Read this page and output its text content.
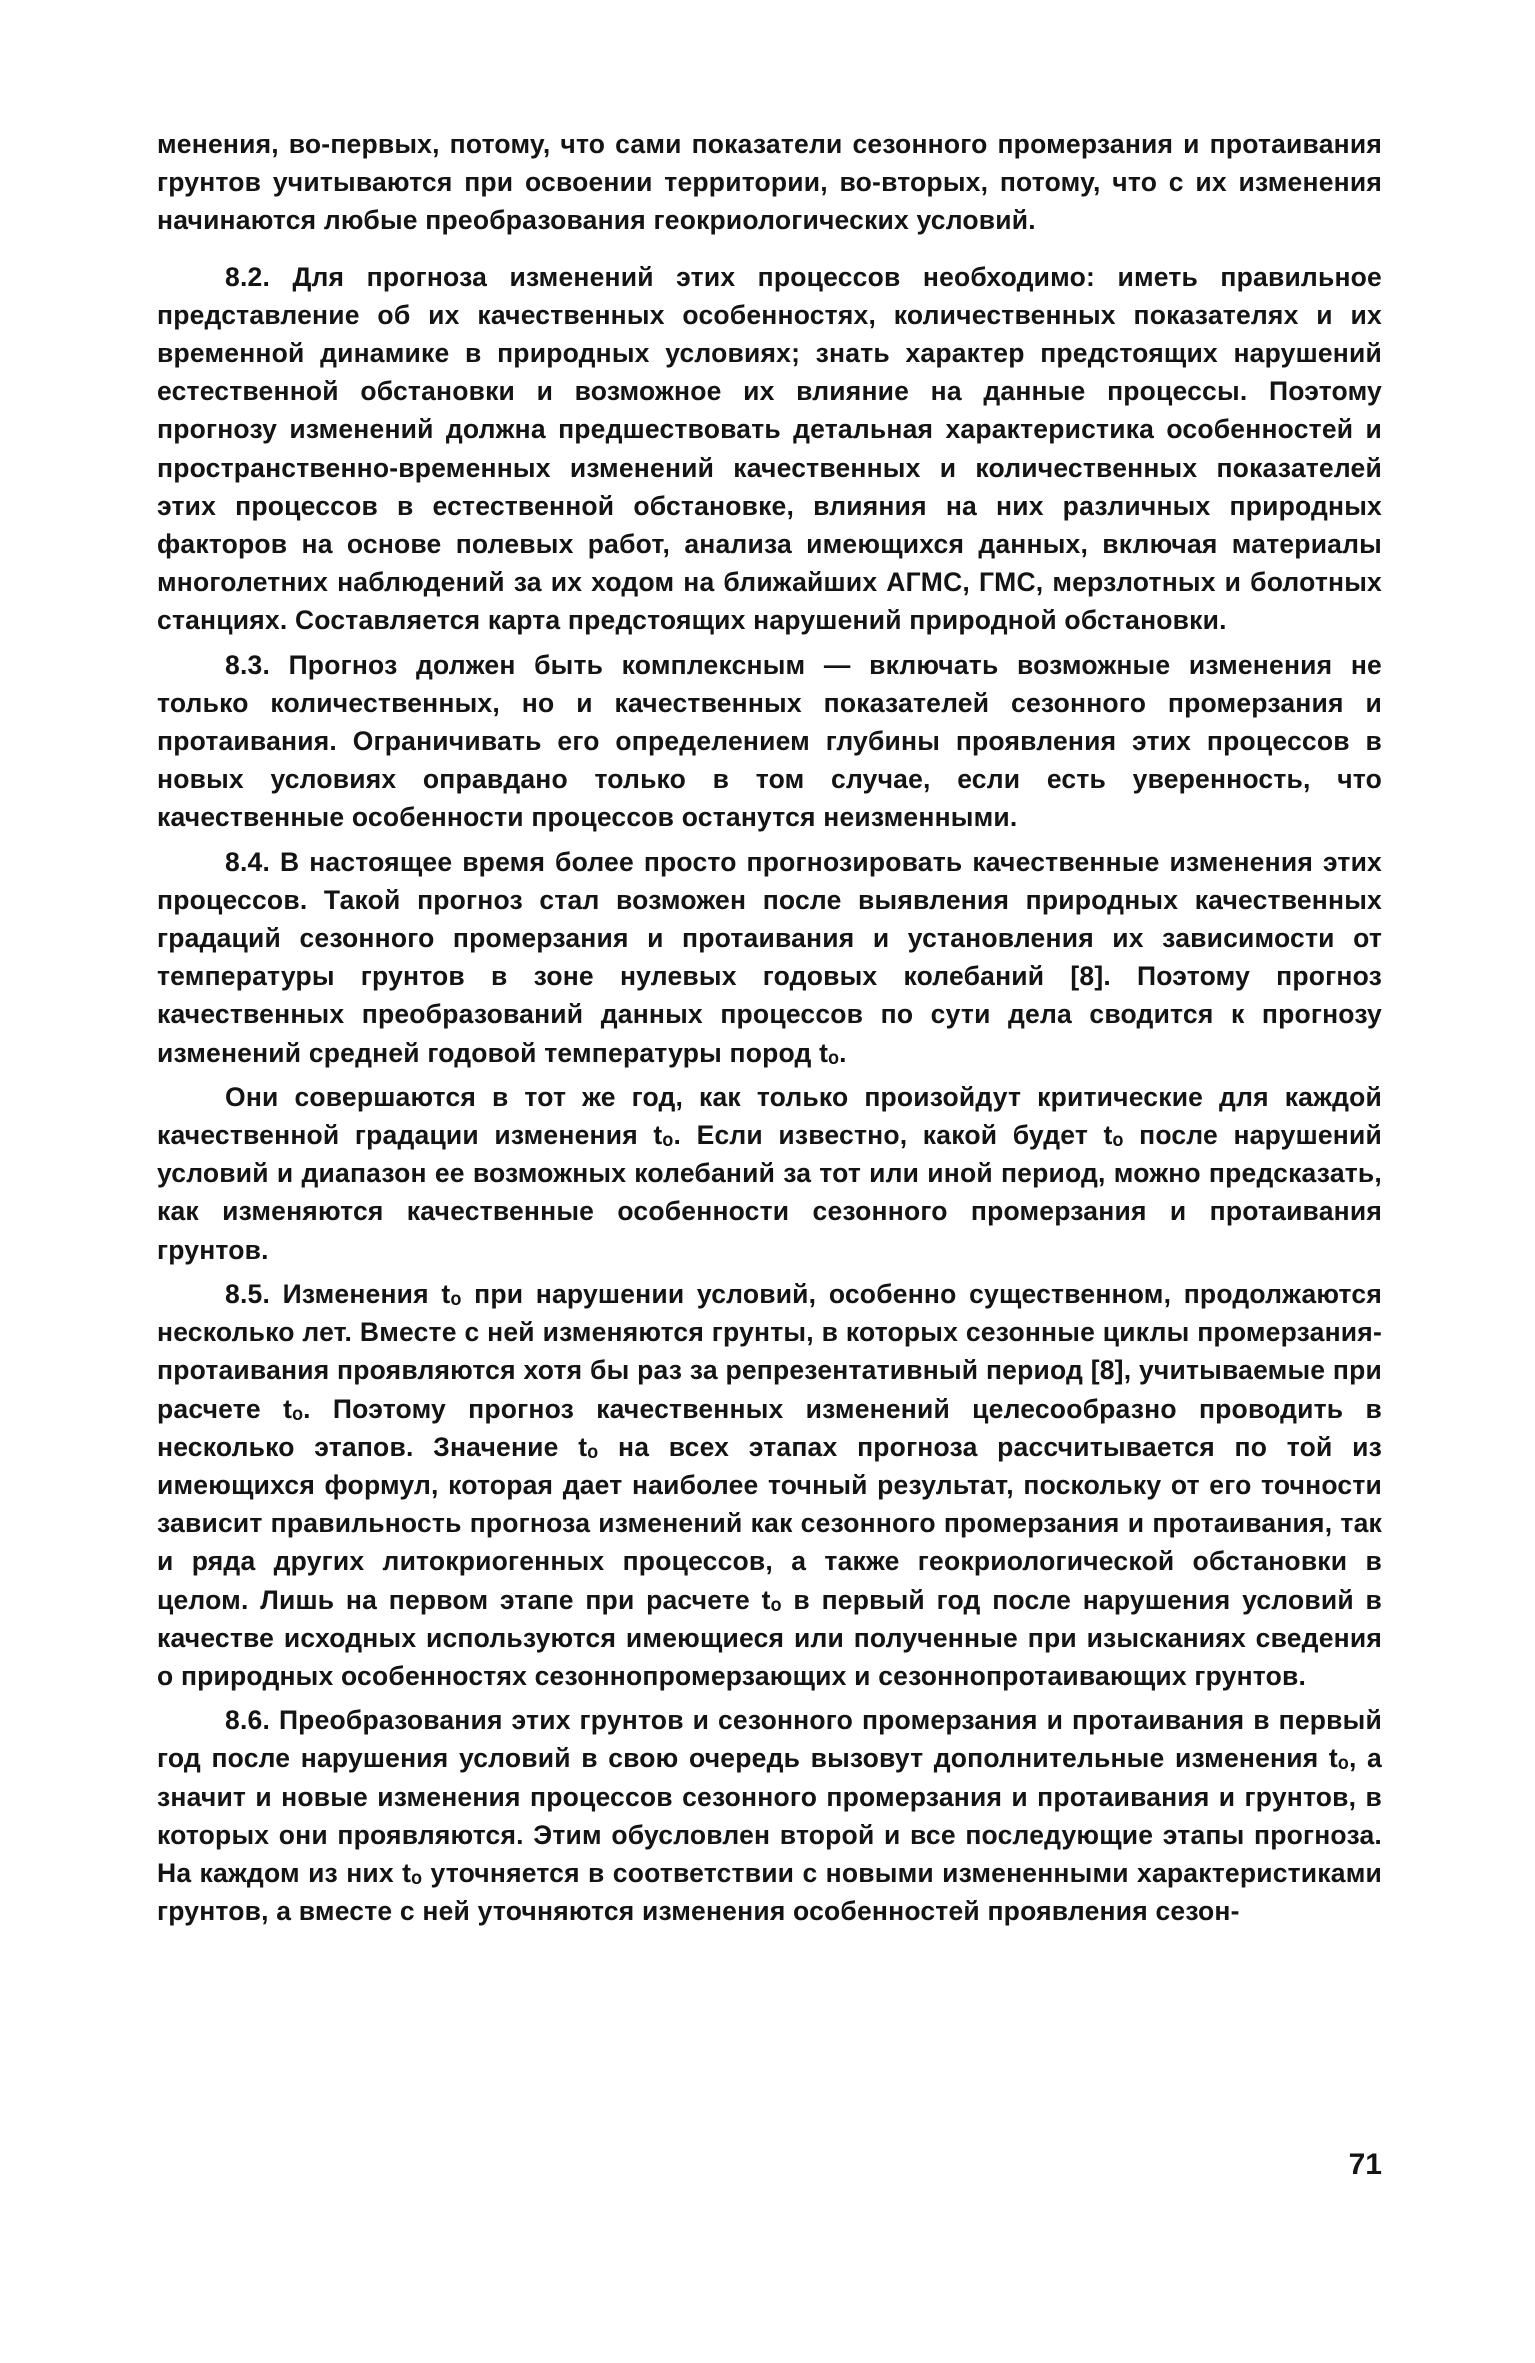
менения, во-первых, потому, что сами показатели сезонного промерзания и протаивания грунтов учитываются при освоении территории, во-вторых, потому, что с их изменения начинаются любые преобразования геокриологических условий.

8.2. Для прогноза изменений этих процессов необходимо: иметь правильное представление об их качественных особенностях, количественных показателях и их временной динамике в природных условиях; знать характер предстоящих нарушений естественной обстановки и возможное их влияние на данные процессы. Поэтому прогнозу изменений должна предшествовать детальная характеристика особенностей и пространственно-временных изменений качественных и количественных показателей этих процессов в естественной обстановке, влияния на них различных природных факторов на основе полевых работ, анализа имеющихся данных, включая материалы многолетних наблюдений за их ходом на ближайших АГМС, ГМС, мерзлотных и болотных станциях. Составляется карта предстоящих нарушений природной обстановки.

8.3. Прогноз должен быть комплексным — включать возможные изменения не только количественных, но и качественных показателей сезонного промерзания и протаивания. Ограничивать его определением глубины проявления этих процессов в новых условиях оправдано только в том случае, если есть уверенность, что качественные особенности процессов останутся неизменными.

8.4. В настоящее время более просто прогнозировать качественные изменения этих процессов. Такой прогноз стал возможен после выявления природных качественных градаций сезонного промерзания и протаивания и установления их зависимости от температуры грунтов в зоне нулевых годовых колебаний [8]. Поэтому прогноз качественных преобразований данных процессов по сути дела сводится к прогнозу изменений средней годовой температуры пород tₒ.

Они совершаются в тот же год, как только произойдут критические для каждой качественной градации изменения tₒ. Если известно, какой будет tₒ после нарушений условий и диапазон ее возможных колебаний за тот или иной период, можно предсказать, как изменяются качественные особенности сезонного промерзания и протаивания грунтов.

8.5. Изменения tₒ при нарушении условий, особенно существенном, продолжаются несколько лет. Вместе с ней изменяются грунты, в которых сезонные циклы промерзания-протаивания проявляются хотя бы раз за репрезентативный период [8], учитываемые при расчете tₒ. Поэтому прогноз качественных изменений целесообразно проводить в несколько этапов. Значение tₒ на всех этапах прогноза рассчитывается по той из имеющихся формул, которая дает наиболее точный результат, поскольку от его точности зависит правильность прогноза изменений как сезонного промерзания и протаивания, так и ряда других литокриогенных процессов, а также геокриологической обстановки в целом. Лишь на первом этапе при расчете tₒ в первый год после нарушения условий в качестве исходных используются имеющиеся или полученные при изысканиях сведения о природных особенностях сезоннопромерзающих и сезоннопротаивающих грунтов.

8.6. Преобразования этих грунтов и сезонного промерзания и протаивания в первый год после нарушения условий в свою очередь вызовут дополнительные изменения tₒ, а значит и новые изменения процессов сезонного промерзания и протаивания и грунтов, в которых они проявляются. Этим обусловлен второй и все последующие этапы прогноза. На каждом из них tₒ уточняется в соответствии с новыми измененными характеристиками грунтов, а вместе с ней уточняются изменения особенностей проявления сезон-

71
